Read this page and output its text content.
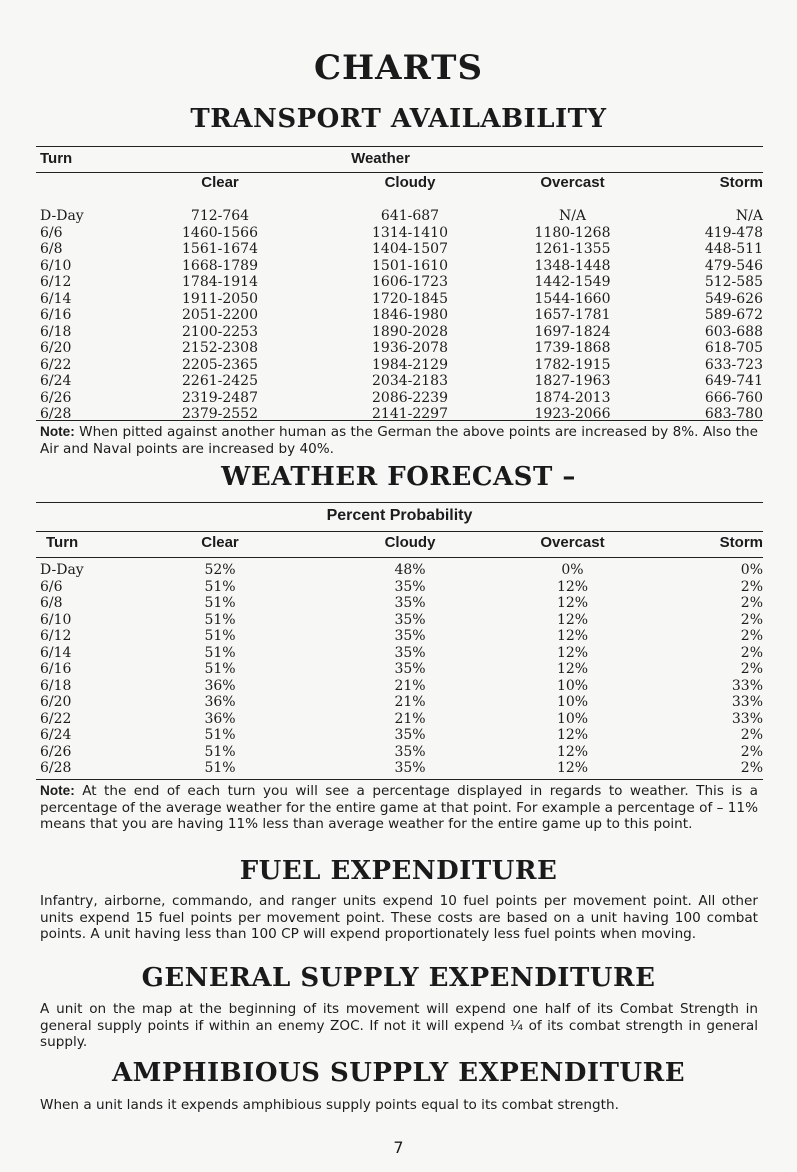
CHARTS
TRANSPORT AVAILABILITY
Turn	Weather
Clear	Cloudy	Overcast	Storm
D-Day	712-764	641-687	N/A	N/A
6/6	1460-1566	1314-1410	1180-1268	419-478
6/8	1561-1674	1404-1507	1261-1355	448-511
6/10	1668-1789	1501-1610	1348-1448	479-546
6/12	1784-1914	1606-1723	1442-1549	512-585
6/14	1911-2050	1720-1845	1544-1660	549-626
6/16	2051-2200	1846-1980	1657-1781	589-672
6/18	2100-2253	1890-2028	1697-1824	603-688
6/20	2152-2308	1936-2078	1739-1868	618-705
6/22	2205-2365	1984-2129	1782-1915	633-723
6/24	2261-2425	2034-2183	1827-1963	649-741
6/26	2319-2487	2086-2239	1874-2013	666-760
6/28	2379-2552	2141-2297	1923-2066	683-780
Note: When pitted against another human as the German the above points are increased by 8%. Also the Air and Naval points are increased by 40%.
WEATHER FORECAST –
Percent Probability
Turn	Clear	Cloudy	Overcast	Storm
D-Day	52%	48%	0%	0%
6/6	51%	35%	12%	2%
6/8	51%	35%	12%	2%
6/10	51%	35%	12%	2%
6/12	51%	35%	12%	2%
6/14	51%	35%	12%	2%
6/16	51%	35%	12%	2%
6/18	36%	21%	10%	33%
6/20	36%	21%	10%	33%
6/22	36%	21%	10%	33%
6/24	51%	35%	12%	2%
6/26	51%	35%	12%	2%
6/28	51%	35%	12%	2%
Note: At the end of each turn you will see a percentage displayed in regards to weather. This is a percentage of the average weather for the entire game at that point. For example a percentage of – 11% means that you are having 11% less than average weather for the entire game up to this point.
FUEL EXPENDITURE
Infantry, airborne, commando, and ranger units expend 10 fuel points per movement point. All other units expend 15 fuel points per movement point. These costs are based on a unit having 100 combat points. A unit having less than 100 CP will expend proportionately less fuel points when moving.
GENERAL SUPPLY EXPENDITURE
A unit on the map at the beginning of its movement will expend one half of its Combat Strength in general supply points if within an enemy ZOC. If not it will expend ¼ of its combat strength in general supply.
AMPHIBIOUS SUPPLY EXPENDITURE
When a unit lands it expends amphibious supply points equal to its combat strength.
7
